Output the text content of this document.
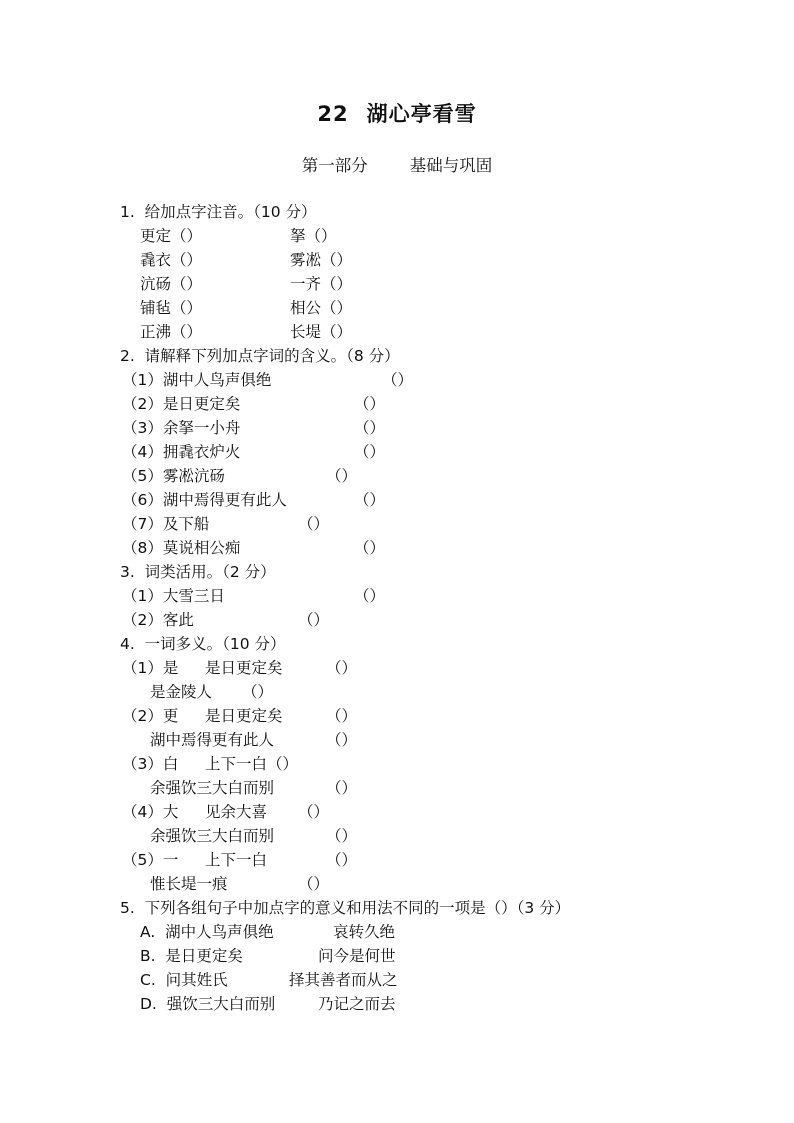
22 湖心亭看雪
第一部分	基础与巩固
1.  给加点字注音。（10 分）
更定（）	拏（）
毳衣（）	雾凇（）
沆砀（）	一齐（）
铺毡（）	相公（）
正沸（）	长堤（）
2.  请解释下列加点字词的含义。（8 分）
（1）湖中人鸟声俱绝	（）
（2）是日更定矣	（）
（3）余拏一小舟	（）
（4）拥毳衣炉火	（）
（5）雾凇沆砀	（）
（6）湖中焉得更有此人	（）
（7）及下船	（）
（8）莫说相公痴	（）
3.  词类活用。（2 分）
（1）大雪三日	（）
（2）客此	（）
4.  一词多义。（10 分）
（1）是 是日更定矣	（）
是金陵人 （）
（2）更 是日更定矣	（）
湖中焉得更有此人	（）
（3）白 上下一白（）
余强饮三大白而别	（）
（4）大 见余大喜 （）
余强饮三大白而别	（）
（5）一 上下一白	（）
惟长堤一痕	（）
5.  下列各组句子中加点字的意义和用法不同的一项是（）（3 分）
A.  湖中人鸟声俱绝	哀转久绝
B.  是日更定矣	问今是何世
C.  问其姓氏	择其善者而从之
D.  强饮三大白而别	乃记之而去
